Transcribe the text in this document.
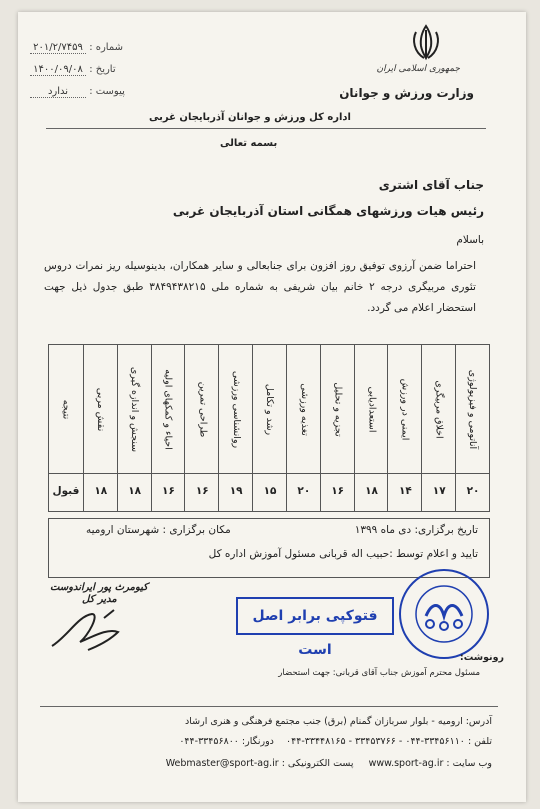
جمهوری اسلامی ایران
وزارت ورزش و جوانان
شماره : ۲۰۱/۲/۷۴۵۹
تاریخ : ۱۴۰۰/۰۹/۰۸
پیوست : ندارد
اداره کل ورزش و جوانان آذربایجان غربی
بسمه تعالی
جناب آقای اشتری
رئیس هیات ورزشهای همگانی استان آذربایجان غربی
باسلام
احتراما ضمن آرزوی توفیق روز افزون برای جنابعالی و سایر همکاران، بدینوسیله ریز نمرات دروس تئوری مربیگری درجه ۲ خانم بیان شریفی به شماره ملی ۳۸۴۹۴۳۸۲۱۵ طبق جدول ذیل جهت استحضار اعلام می گردد.
آناتومی و فیزیولوژی
۲۰
اخلاق مربیگری
۱۷
ایمنی در ورزش
۱۴
استعدادیابی
۱۸
تجزیه و تحلیل
۱۶
تغذیه ورزشی
۲۰
رشد و تکامل
۱۵
روانشناسی ورزشی
۱۹
طراحی تمرین
۱۶
احیاء و کمکهای اولیه
۱۶
سنجش و اندازه گیری
۱۸
نقش مربی
۱۸
نتیجه
قبول
تاریخ برگزاری: دی ماه ۱۳۹۹
مکان برگزاری : شهرستان ارومیه
تایید و اعلام توسط :حبیب اله قربانی مسئول آموزش اداره کل
کیومرث پور ایراندوست
مدیر کل
فتوکپی برابر اصل است	رونوشت:
مسئول محترم آموزش جناب آقای قربانی: جهت استحضار
آدرس: ارومیه - بلوار سربازان گمنام (برق) جنب مجتمع فرهنگی و هنری ارشاد
تلفن : ۳۳۴۵۶۱۱۰-۰۴۴ - ۳۳۴۵۳۷۶۶ - ۳۳۴۴۸۱۶۵-۰۴۴    دورنگار: ۳۳۴۵۶۸۰۰-۰۴۴
وب سایت : www.sport-ag.ir     پست الکترونیکی : Webmaster@sport-ag.ir
